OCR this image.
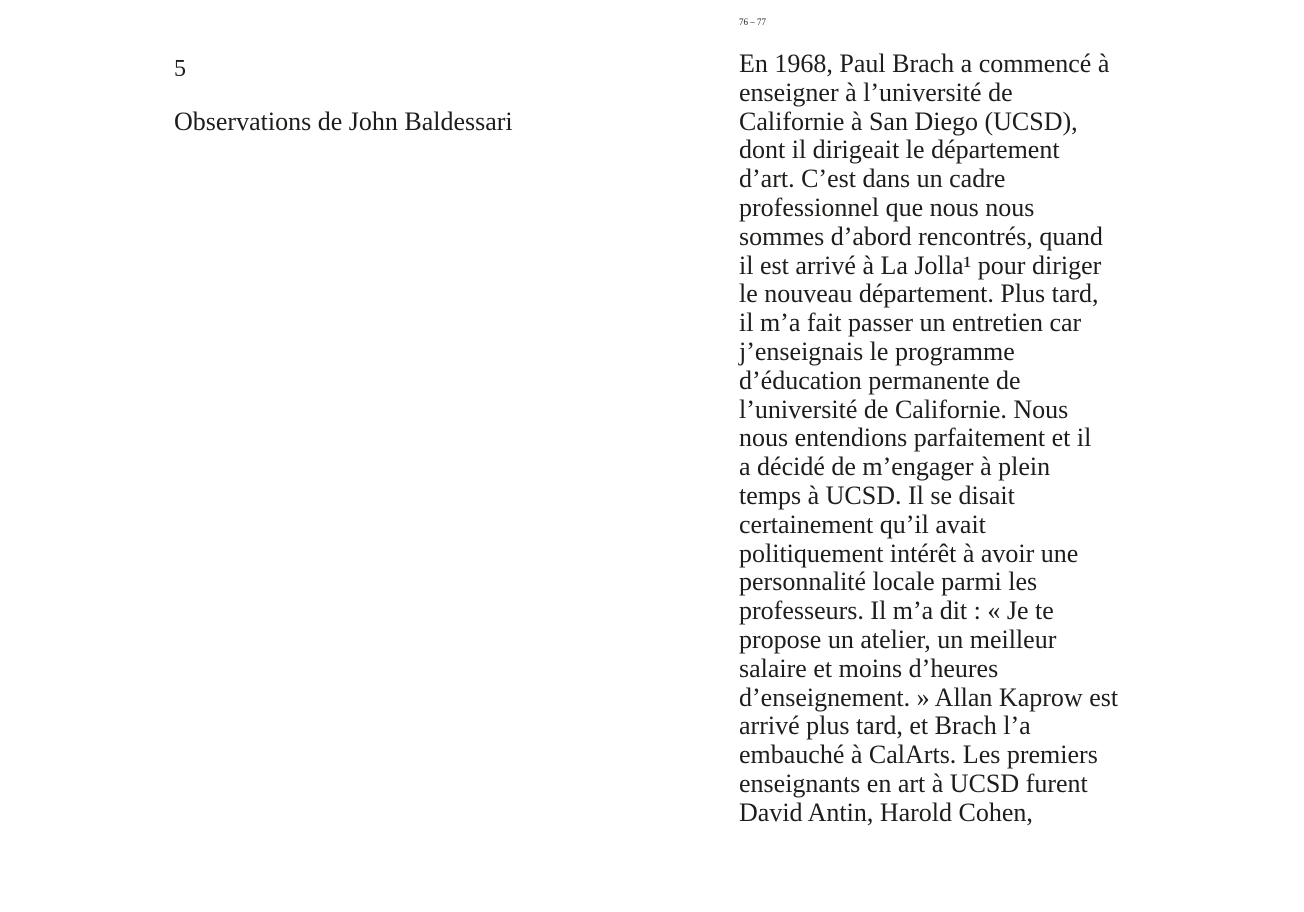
5
Observations de John Baldessari
76 – 77

En 1968, Paul Brach a commencé à
enseigner à l’université de
Californie à San Diego (UCSD),
dont il dirigeait le département
d’art. C’est dans un cadre
professionnel que nous nous
sommes d’abord rencontrés, quand
il est arrivé à La Jolla¹ pour diriger
le nouveau département. Plus tard,
il m’a fait passer un entretien car
j’enseignais le programme
d’éducation permanente de
l’université de Californie. Nous
nous entendions parfaitement et il
a décidé de m’engager à plein
temps à UCSD. Il se disait
certainement qu’il avait
politiquement intérêt à avoir une
personnalité locale parmi les
professeurs. Il m’a dit : « Je te
propose un atelier, un meilleur
salaire et moins d’heures
d’enseignement. » Allan Kaprow est
arrivé plus tard, et Brach l’a
embauché à CalArts. Les premiers
enseignants en art à UCSD furent
David Antin, Harold Cohen,
